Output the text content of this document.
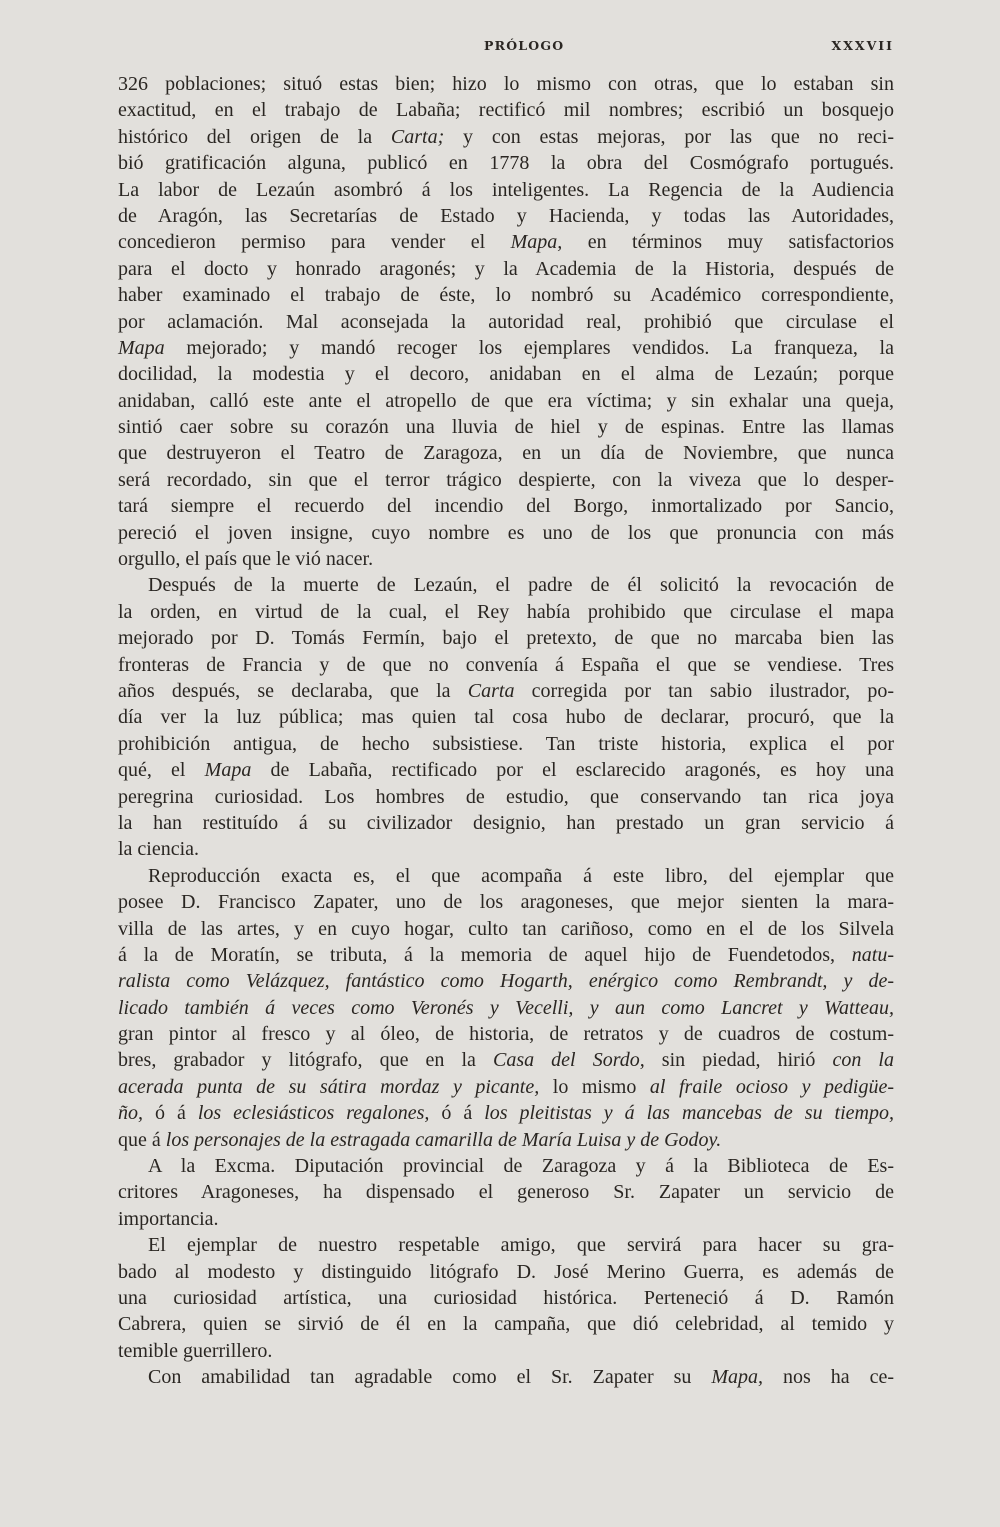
PRÓLOGO	XXXVII
326 poblaciones; situó estas bien; hizo lo mismo con otras, que lo estaban sin
exactitud, en el trabajo de Labaña; rectificó mil nombres; escribió un bosquejo
histórico del origen de la Carta; y con estas mejoras, por las que no reci-
bió gratificación alguna, publicó en 1778 la obra del Cosmógrafo portugués.
La labor de Lezaún asombró á los inteligentes. La Regencia de la Audiencia
de Aragón, las Secretarías de Estado y Hacienda, y todas las Autoridades,
concedieron permiso para vender el Mapa, en términos muy satisfactorios
para el docto y honrado aragonés; y la Academia de la Historia, después de
haber examinado el trabajo de éste, lo nombró su Académico correspondiente,
por aclamación. Mal aconsejada la autoridad real, prohibió que circulase el
Mapa mejorado; y mandó recoger los ejemplares vendidos. La franqueza, la
docilidad, la modestia y el decoro, anidaban en el alma de Lezaún; porque
anidaban, calló este ante el atropello de que era víctima; y sin exhalar una queja,
sintió caer sobre su corazón una lluvia de hiel y de espinas. Entre las llamas
que destruyeron el Teatro de Zaragoza, en un día de Noviembre, que nunca
será recordado, sin que el terror trágico despierte, con la viveza que lo desper-
tará siempre el recuerdo del incendio del Borgo, inmortalizado por Sancio,
pereció el joven insigne, cuyo nombre es uno de los que pronuncia con más
orgullo, el país que le vió nacer.
Después de la muerte de Lezaún, el padre de él solicitó la revocación de
la orden, en virtud de la cual, el Rey había prohibido que circulase el mapa
mejorado por D. Tomás Fermín, bajo el pretexto, de que no marcaba bien las
fronteras de Francia y de que no convenía á España el que se vendiese. Tres
años después, se declaraba, que la Carta corregida por tan sabio ilustrador, po-
día ver la luz pública; mas quien tal cosa hubo de declarar, procuró, que la
prohibición antigua, de hecho subsistiese. Tan triste historia, explica el por
qué, el Mapa de Labaña, rectificado por el esclarecido aragonés, es hoy una
peregrina curiosidad. Los hombres de estudio, que conservando tan rica joya
la han restituído á su civilizador designio, han prestado un gran servicio á
la ciencia.
Reproducción exacta es, el que acompaña á este libro, del ejemplar que
posee D. Francisco Zapater, uno de los aragoneses, que mejor sienten la mara-
villa de las artes, y en cuyo hogar, culto tan cariñoso, como en el de los Silvela
á la de Moratín, se tributa, á la memoria de aquel hijo de Fuendetodos, natu-
ralista como Velázquez, fantástico como Hogarth, enérgico como Rembrandt, y de-
licado también á veces como Veronés y Vecelli, y aun como Lancret y Watteau,
gran pintor al fresco y al óleo, de historia, de retratos y de cuadros de costum-
bres, grabador y litógrafo, que en la Casa del Sordo, sin piedad, hirió con la
acerada punta de su sátira mordaz y picante, lo mismo al fraile ocioso y pedigüe-
ño, ó á los eclesiásticos regalones, ó á los pleitistas y á las mancebas de su tiempo,
que á los personajes de la estragada camarilla de María Luisa y de Godoy.
A la Excma. Diputación provincial de Zaragoza y á la Biblioteca de Es-
critores Aragoneses, ha dispensado el generoso Sr. Zapater un servicio de
importancia.
El ejemplar de nuestro respetable amigo, que servirá para hacer su gra-
bado al modesto y distinguido litógrafo D. José Merino Guerra, es además de
una curiosidad artística, una curiosidad histórica. Perteneció á D. Ramón
Cabrera, quien se sirvió de él en la campaña, que dió celebridad, al temido y
temible guerrillero.
Con amabilidad tan agradable como el Sr. Zapater su Mapa, nos ha ce-
